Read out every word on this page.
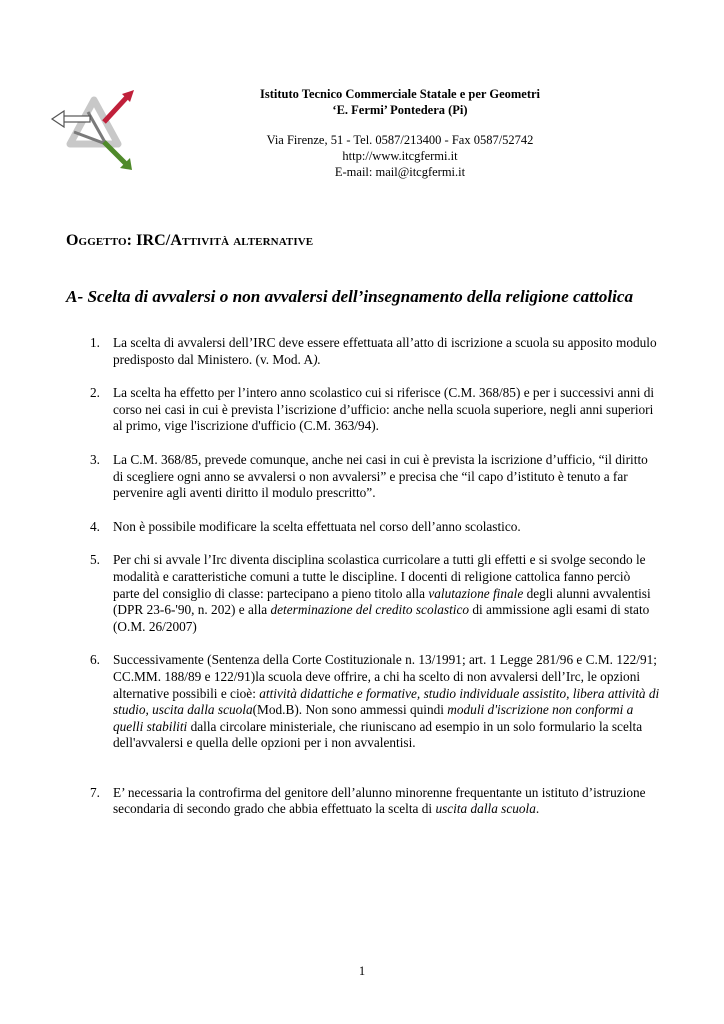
Istituto Tecnico Commerciale Statale e per Geometri
‘E. Fermi’ Pontedera (Pi)
Via Firenze, 51 - Tel. 0587/213400 - Fax 0587/52742
http://www.itcgfermi.it
E-mail: mail@itcgfermi.it
Oggetto: IRC/Attività alternative
A- Scelta di avvalersi o non avvalersi dell’insegnamento della religione cattolica
1. La scelta di avvalersi dell’IRC deve essere effettuata all’atto di iscrizione a scuola su apposito modulo predisposto dal Ministero. (v. Mod. A).
2. La scelta ha effetto per l’intero anno scolastico cui si riferisce (C.M. 368/85) e per i successivi anni di corso nei casi in cui è prevista l’iscrizione d’ufficio: anche nella scuola superiore, negli anni superiori al primo, vige l'iscrizione d'ufficio (C.M. 363/94).
3. La C.M. 368/85, prevede comunque, anche nei casi in cui è prevista la iscrizione d’ufficio, “il diritto di scegliere ogni anno se avvalersi o non avvalersi” e precisa che “il capo d’istituto è tenuto a far pervenire agli aventi diritto il modulo prescritto”.
4. Non è possibile modificare la scelta effettuata nel corso dell’anno scolastico.
5. Per chi si avvale l’Irc diventa disciplina scolastica curricolare a tutti gli effetti e si svolge secondo le modalità e caratteristiche comuni a tutte le discipline. I docenti di religione cattolica fanno perciò parte del consiglio di classe: partecipano a pieno titolo alla valutazione finale degli alunni avvalentisi (DPR 23-6-'90, n. 202) e alla determinazione del credito scolastico di ammissione agli esami di stato (O.M. 26/2007)
6. Successivamente (Sentenza della Corte Costituzionale n. 13/1991; art. 1 Legge 281/96 e C.M. 122/91; CC.MM. 188/89 e 122/91)la scuola deve offrire, a chi ha scelto di non avvalersi dell’Irc, le opzioni alternative possibili e cioè: attività didattiche e formative, studio individuale assistito, libera attività di studio, uscita dalla scuola(Mod.B). Non sono ammessi quindi moduli d'iscrizione non conformi a quelli stabiliti dalla circolare ministeriale, che riuniscano ad esempio in un solo formulario la scelta dell'avvalersi e quella delle opzioni per i non avvalentisi.
7. E’ necessaria la controfirma del genitore dell’alunno minorenne frequentante un istituto d’istruzione secondaria di secondo grado che abbia effettuato la scelta di uscita dalla scuola.
1
